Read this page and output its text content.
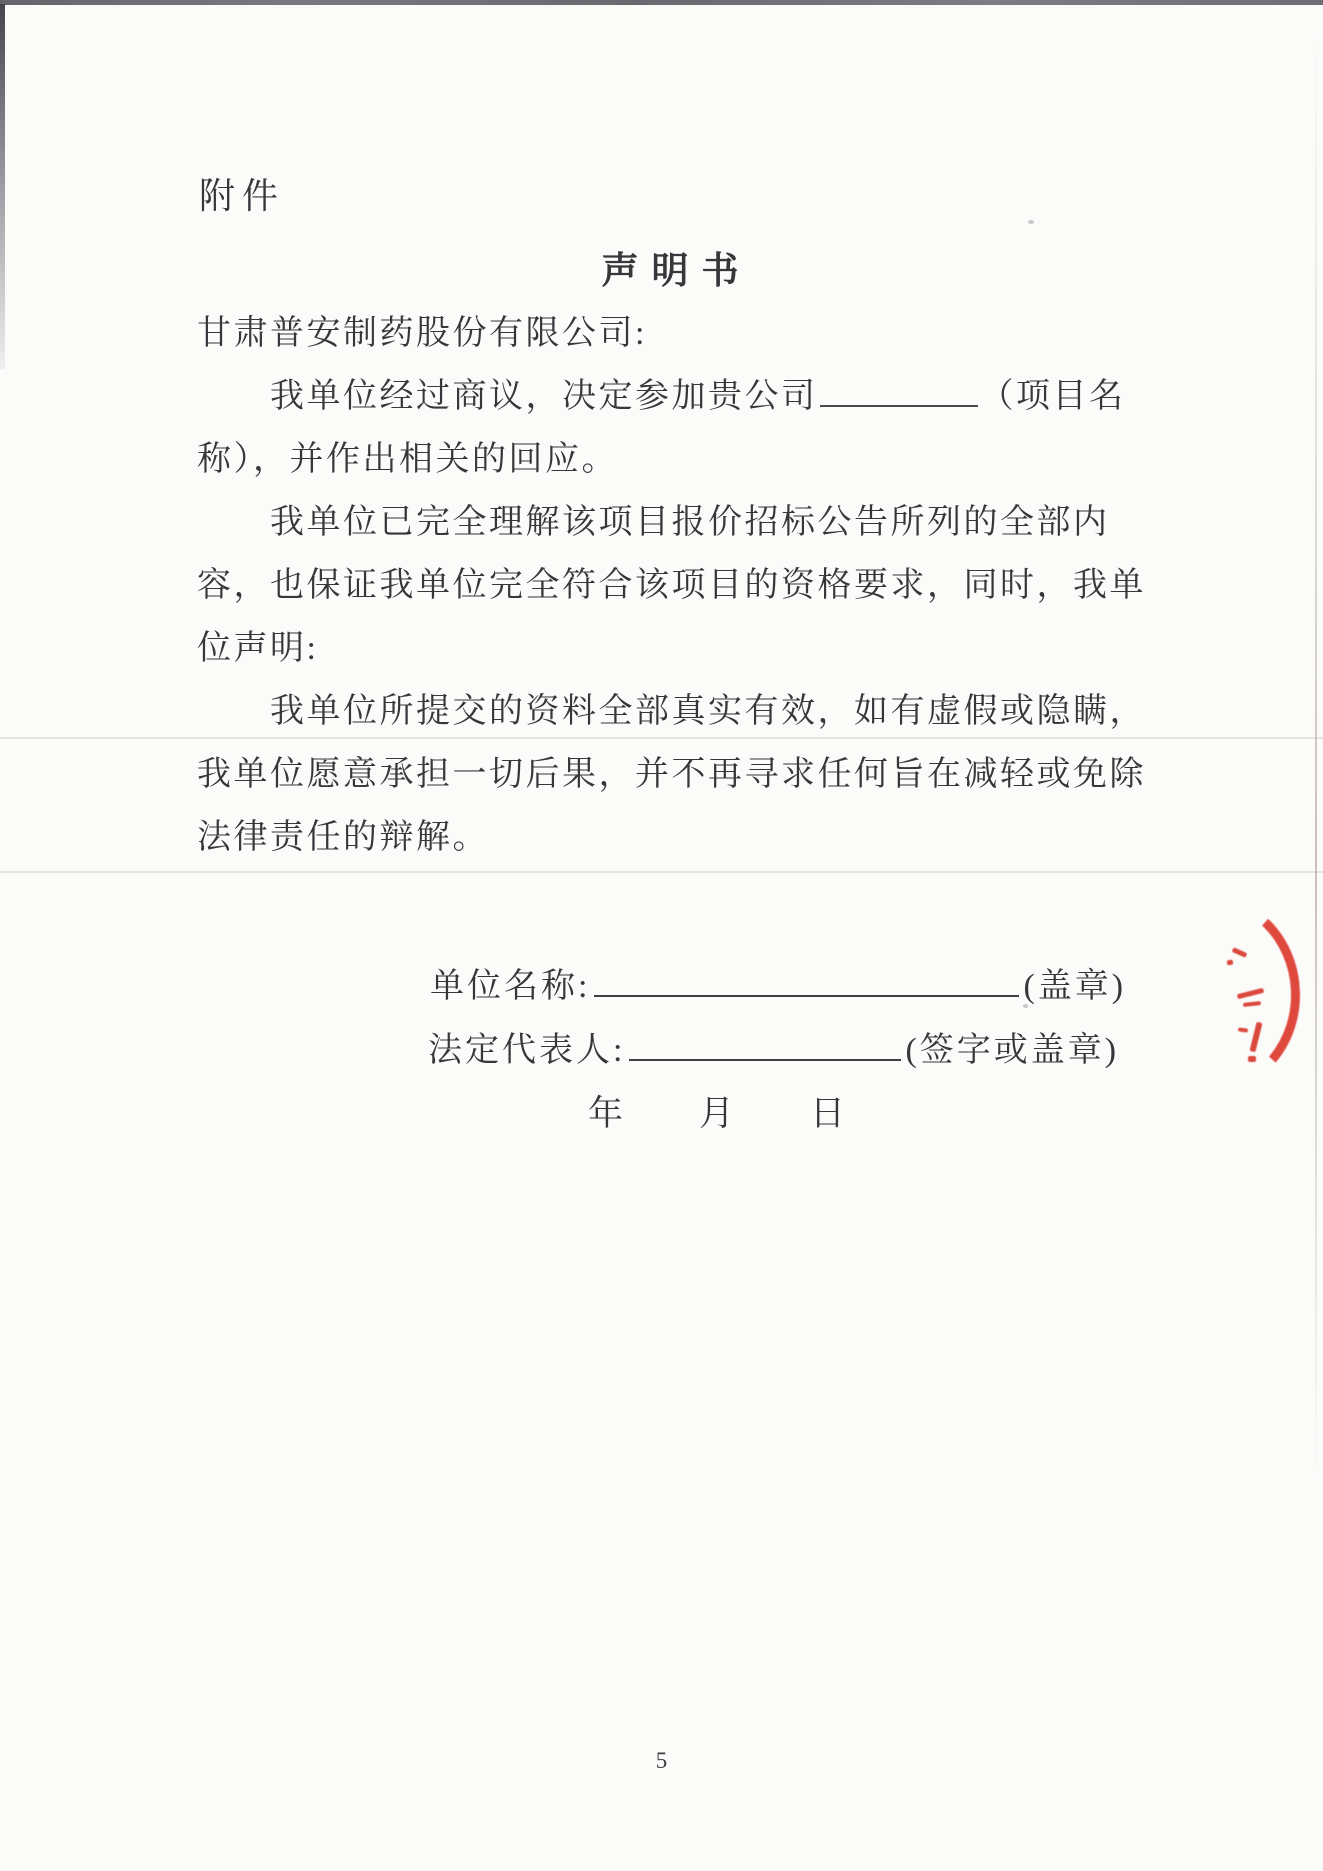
附件
声明书
甘肃普安制药股份有限公司:
我单位经过商议，决定参加贵公司	（项目名
称），并作出相关的回应。
我单位已完全理解该项目报价招标公告所列的全部内
容，也保证我单位完全符合该项目的资格要求，同时，我单
位声明:
我单位所提交的资料全部真实有效，如有虚假或隐瞒，
我单位愿意承担一切后果，并不再寻求任何旨在减轻或免除
法律责任的辩解。
单位名称:	(盖章)
法定代表人:	(签字或盖章)
年 月 日
5
